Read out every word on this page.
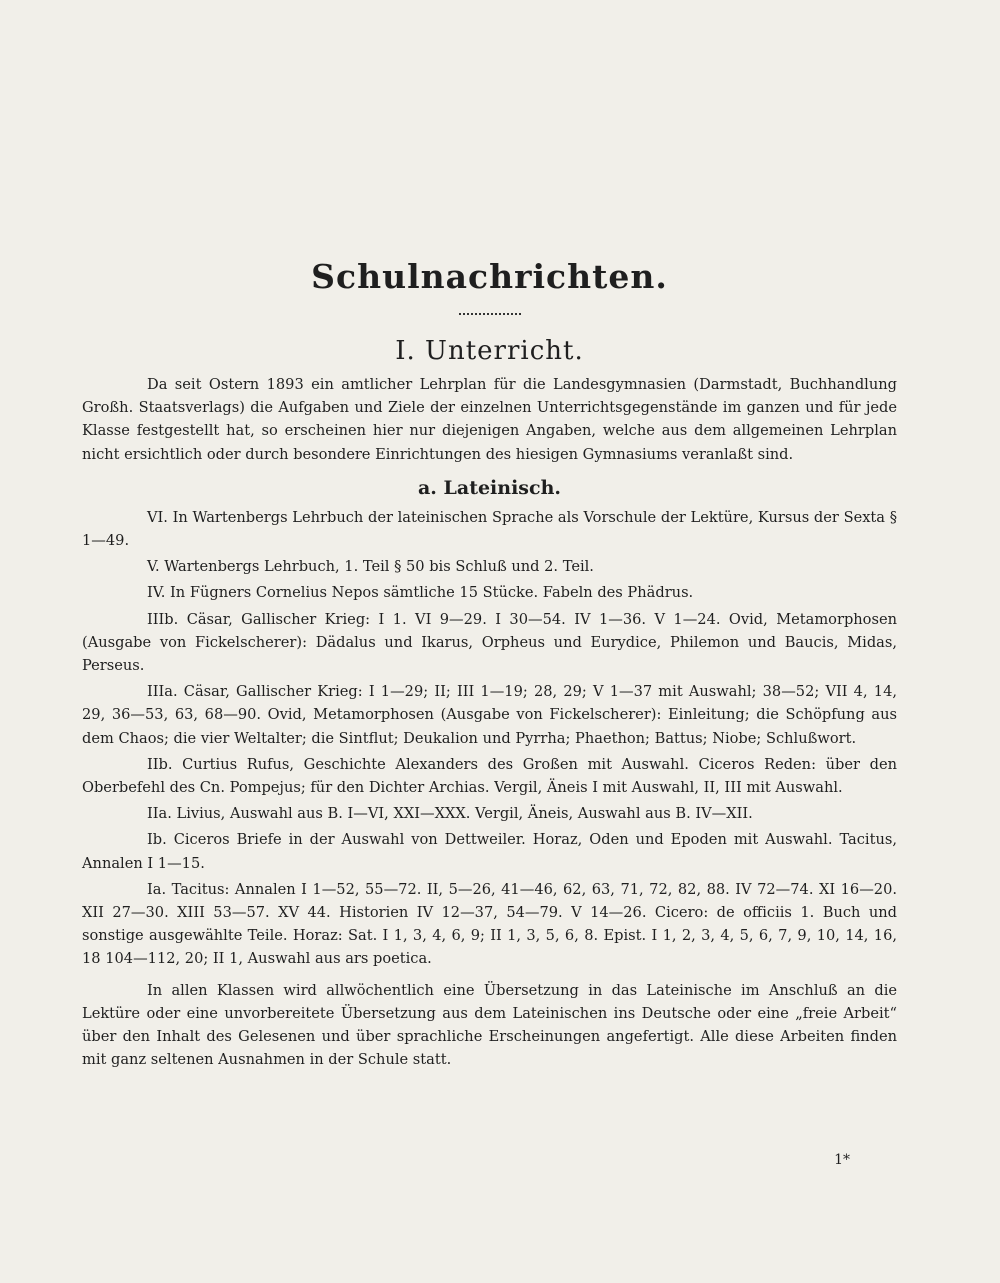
Schulnachrichten.
I. Unterricht.

Da seit Ostern 1893 ein amtlicher Lehrplan für die Landesgymnasien (Darmstadt, Buchhandlung Großh. Staatsverlags) die Aufgaben und Ziele der einzelnen Unterrichtsgegenstände im ganzen und für jede Klasse festgestellt hat, so erscheinen hier nur diejenigen Angaben, welche aus dem allgemeinen Lehrplan nicht ersichtlich oder durch besondere Einrichtungen des hiesigen Gymnasiums veranlaßt sind.

a. Lateinisch.

VI. In Wartenbergs Lehrbuch der lateinischen Sprache als Vorschule der Lektüre, Kursus der Sexta § 1—49.

V. Wartenbergs Lehrbuch, 1. Teil § 50 bis Schluß und 2. Teil.

IV. In Fügners Cornelius Nepos sämtliche 15 Stücke. Fabeln des Phädrus.

IIIb. Cäsar, Gallischer Krieg: I 1. VI 9—29. I 30—54. IV 1—36. V 1—24. Ovid, Metamorphosen (Ausgabe von Fickelscherer): Dädalus und Ikarus, Orpheus und Eurydice, Philemon und Baucis, Midas, Perseus.

IIIa. Cäsar, Gallischer Krieg: I 1—29; II; III 1—19; 28, 29; V 1—37 mit Auswahl; 38—52; VII 4, 14, 29, 36—53, 63, 68—90. Ovid, Metamorphosen (Ausgabe von Fickelscherer): Einleitung; die Schöpfung aus dem Chaos; die vier Weltalter; die Sintflut; Deukalion und Pyrrha; Phaethon; Battus; Niobe; Schlußwort.

IIb. Curtius Rufus, Geschichte Alexanders des Großen mit Auswahl. Ciceros Reden: über den Oberbefehl des Cn. Pompejus; für den Dichter Archias. Vergil, Äneis I mit Auswahl, II, III mit Auswahl.

IIa. Livius, Auswahl aus B. I—VI, XXI—XXX. Vergil, Äneis, Auswahl aus B. IV—XII.

Ib. Ciceros Briefe in der Auswahl von Dettweiler. Horaz, Oden und Epoden mit Auswahl. Tacitus, Annalen I 1—15.

Ia. Tacitus: Annalen I 1—52, 55—72. II, 5—26, 41—46, 62, 63, 71, 72, 82, 88. IV 72—74. XI 16—20. XII 27—30. XIII 53—57. XV 44. Historien IV 12—37, 54—79. V 14—26. Cicero: de officiis 1. Buch und sonstige ausgewählte Teile. Horaz: Sat. I 1, 3, 4, 6, 9; II 1, 3, 5, 6, 8. Epist. I 1, 2, 3, 4, 5, 6, 7, 9, 10, 14, 16, 18 104—112, 20; II 1, Auswahl aus ars poetica.

In allen Klassen wird allwöchentlich eine Übersetzung in das Lateinische im Anschluß an die Lektüre oder eine unvorbereitete Übersetzung aus dem Lateinischen ins Deutsche oder eine „freie Arbeit“ über den Inhalt des Gelesenen und über sprachliche Erscheinungen angefertigt. Alle diese Arbeiten finden mit ganz seltenen Ausnahmen in der Schule statt.

1*
